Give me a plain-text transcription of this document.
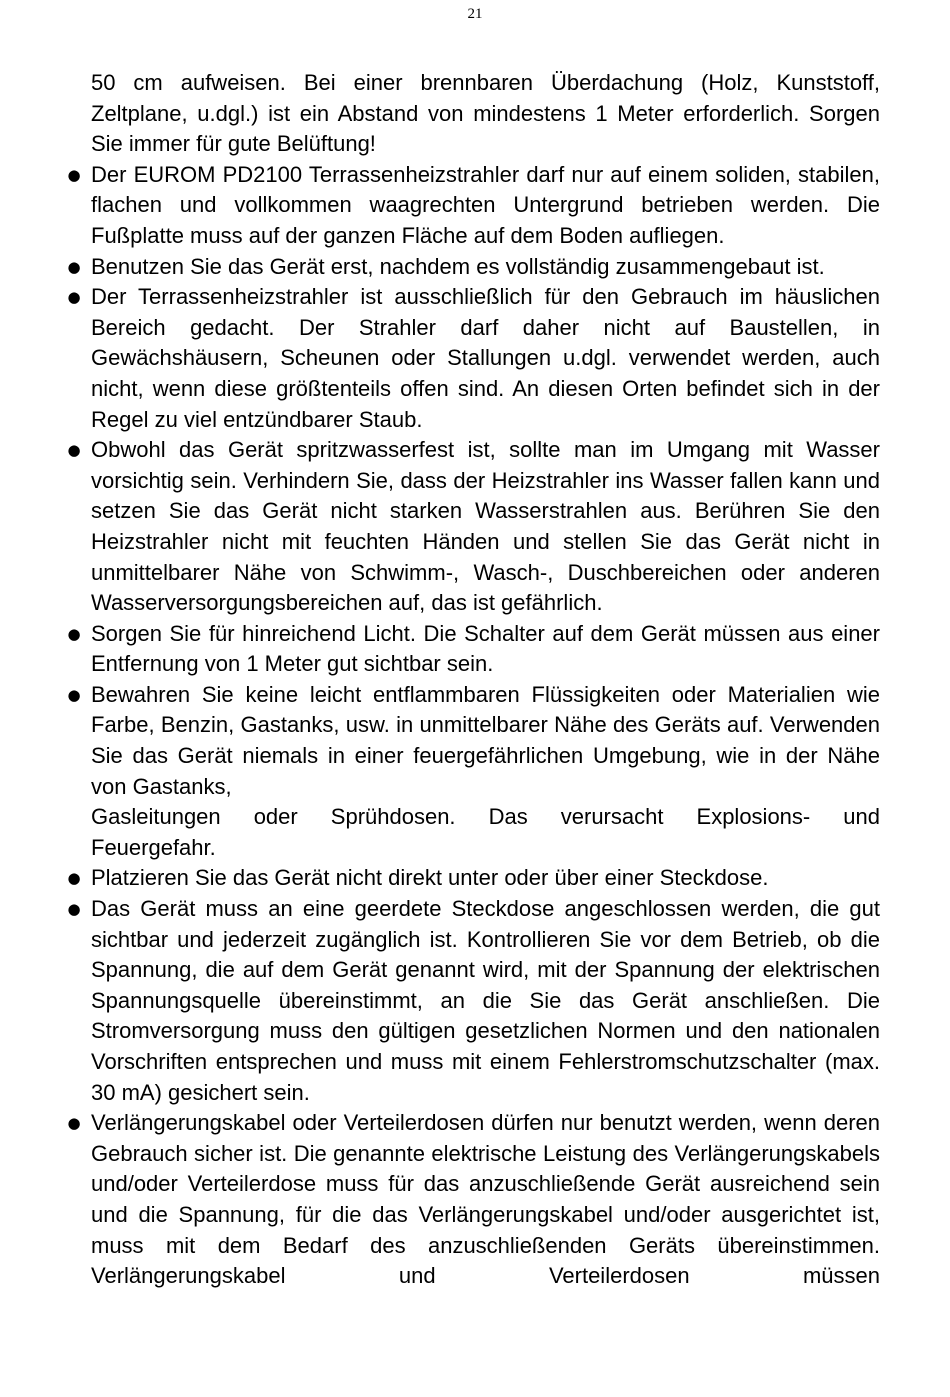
21

50 cm aufweisen. Bei einer brennbaren Überdachung (Holz, Kunststoff, Zeltplane, u.dgl.) ist ein Abstand von mindestens 1 Meter erforderlich. Sorgen Sie immer für gute Belüftung!

● Der EUROM PD2100 Terrassenheizstrahler darf nur auf einem soliden, stabilen, flachen und vollkommen waagrechten Untergrund betrieben werden. Die Fußplatte muss auf der ganzen Fläche auf dem Boden aufliegen.
● Benutzen Sie das Gerät erst, nachdem es vollständig zusammengebaut ist.
● Der Terrassenheizstrahler ist ausschließlich für den Gebrauch im häuslichen Bereich gedacht. Der Strahler darf daher nicht auf Baustellen, in Gewächshäusern, Scheunen oder Stallungen u.dgl. verwendet werden, auch nicht, wenn diese größtenteils offen sind. An diesen Orten befindet sich in der Regel zu viel entzündbarer Staub.
● Obwohl das Gerät spritzwasserfest ist, sollte man im Umgang mit Wasser vorsichtig sein. Verhindern Sie, dass der Heizstrahler ins Wasser fallen kann und setzen Sie das Gerät nicht starken Wasserstrahlen aus. Berühren Sie den Heizstrahler nicht mit feuchten Händen und stellen Sie das Gerät nicht in unmittelbarer Nähe von Schwimm-, Wasch-, Duschbereichen oder anderen Wasserversorgungsbereichen auf, das ist gefährlich.
● Sorgen Sie für hinreichend Licht. Die Schalter auf dem Gerät müssen aus einer Entfernung von 1 Meter gut sichtbar sein.
● Bewahren Sie keine leicht entflammbaren Flüssigkeiten oder Materialien wie Farbe, Benzin, Gastanks, usw. in unmittelbarer Nähe des Geräts auf. Verwenden Sie das Gerät niemals in einer feuergefährlichen Umgebung, wie in der Nähe von Gastanks,
Gasleitungen oder Sprühdosen. Das verursacht Explosions- und
Feuergefahr.
● Platzieren Sie das Gerät nicht direkt unter oder über einer Steckdose.
● Das Gerät muss an eine geerdete Steckdose angeschlossen werden, die gut sichtbar und jederzeit zugänglich ist. Kontrollieren Sie vor dem Betrieb, ob die Spannung, die auf dem Gerät genannt wird, mit der Spannung der elektrischen Spannungsquelle übereinstimmt, an die Sie das Gerät anschließen. Die Stromversorgung muss den gültigen gesetzlichen Normen und den nationalen Vorschriften entsprechen und muss mit einem Fehlerstromschutzschalter (max. 30 mA) gesichert sein.
● Verlängerungskabel oder Verteilerdosen dürfen nur benutzt werden, wenn deren Gebrauch sicher ist. Die genannte elektrische Leistung des Verlängerungskabels und/oder Verteilerdose muss für das anzuschließende Gerät ausreichend sein und die Spannung, für die das Verlängerungskabel und/oder ausgerichtet ist, muss mit dem Bedarf des anzuschließenden Geräts übereinstimmen. Verlängerungskabel und Verteilerdosen müssen
